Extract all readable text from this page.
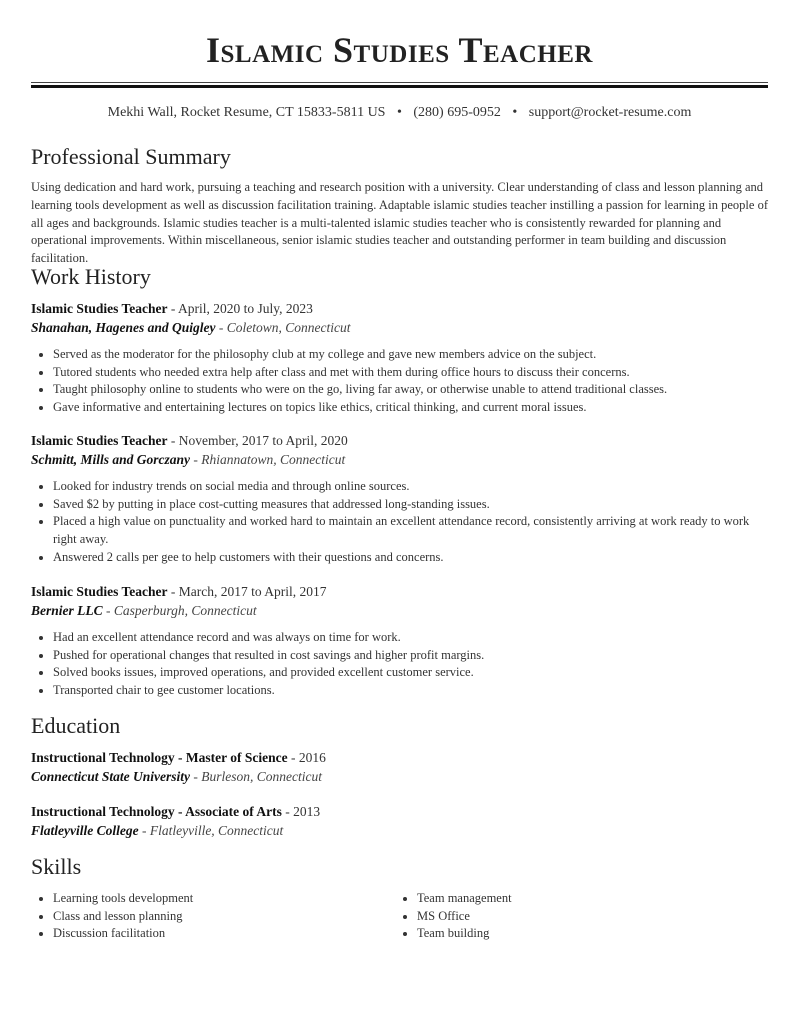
Islamic Studies Teacher
Mekhi Wall, Rocket Resume, CT 15833-5811 US • (280) 695-0952 • support@rocket-resume.com
Professional Summary
Using dedication and hard work, pursuing a teaching and research position with a university. Clear understanding of class and lesson planning and learning tools development as well as discussion facilitation training. Adaptable islamic studies teacher instilling a passion for learning in people of all ages and backgrounds. Islamic studies teacher is a multi-talented islamic studies teacher who is consistently rewarded for planning and operational improvements. Within miscellaneous, senior islamic studies teacher and outstanding performer in team building and discussion facilitation.
Work History
Islamic Studies Teacher - April, 2020 to July, 2023
Shanahan, Hagenes and Quigley - Coletown, Connecticut
• Served as the moderator for the philosophy club at my college and gave new members advice on the subject.
• Tutored students who needed extra help after class and met with them during office hours to discuss their concerns.
• Taught philosophy online to students who were on the go, living far away, or otherwise unable to attend traditional classes.
• Gave informative and entertaining lectures on topics like ethics, critical thinking, and current moral issues.
Islamic Studies Teacher - November, 2017 to April, 2020
Schmitt, Mills and Gorczany - Rhiannatown, Connecticut
• Looked for industry trends on social media and through online sources.
• Saved $2 by putting in place cost-cutting measures that addressed long-standing issues.
• Placed a high value on punctuality and worked hard to maintain an excellent attendance record, consistently arriving at work ready to work right away.
• Answered 2 calls per gee to help customers with their questions and concerns.
Islamic Studies Teacher - March, 2017 to April, 2017
Bernier LLC - Casperburgh, Connecticut
• Had an excellent attendance record and was always on time for work.
• Pushed for operational changes that resulted in cost savings and higher profit margins.
• Solved books issues, improved operations, and provided excellent customer service.
• Transported chair to gee customer locations.
Education
Instructional Technology - Master of Science - 2016
Connecticut State University - Burleson, Connecticut
Instructional Technology - Associate of Arts - 2013
Flatleyville College - Flatleyville, Connecticut
Skills
• Learning tools development
• Class and lesson planning
• Discussion facilitation
• Team management
• MS Office
• Team building
